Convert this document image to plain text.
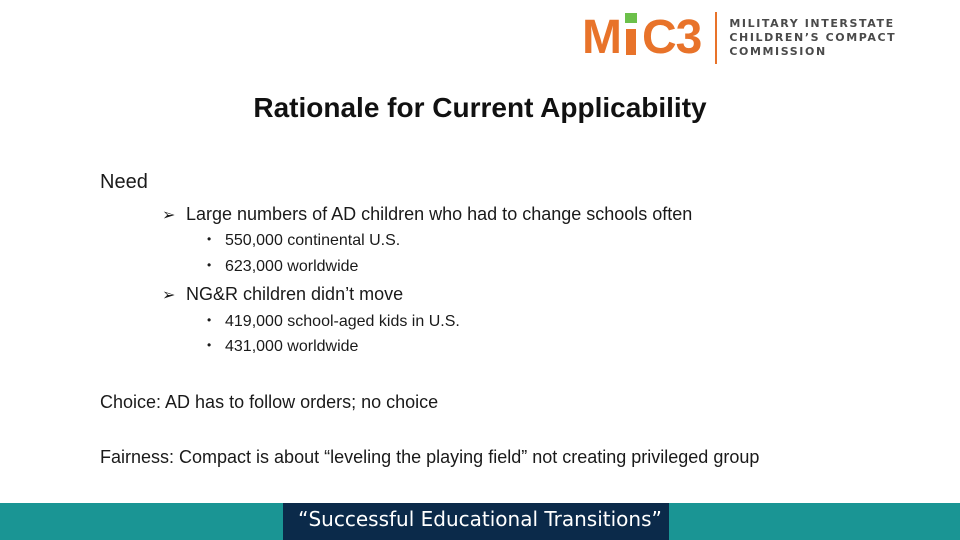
M C3	MILITARY INTERSTATE
CHILDREN’S COMPACT
COMMISSION
Rationale for Current Applicability
Need
➢ Large numbers of AD children who had to change schools often
• 550,000 continental U.S.
• 623,000 worldwide
➢ NG&R children didn’t move
• 419,000 school-aged kids in U.S.
• 431,000 worldwide
Choice: AD has to follow orders; no choice
Fairness: Compact is about “leveling the playing field” not creating privileged group
“Successful Educational Transitions”
